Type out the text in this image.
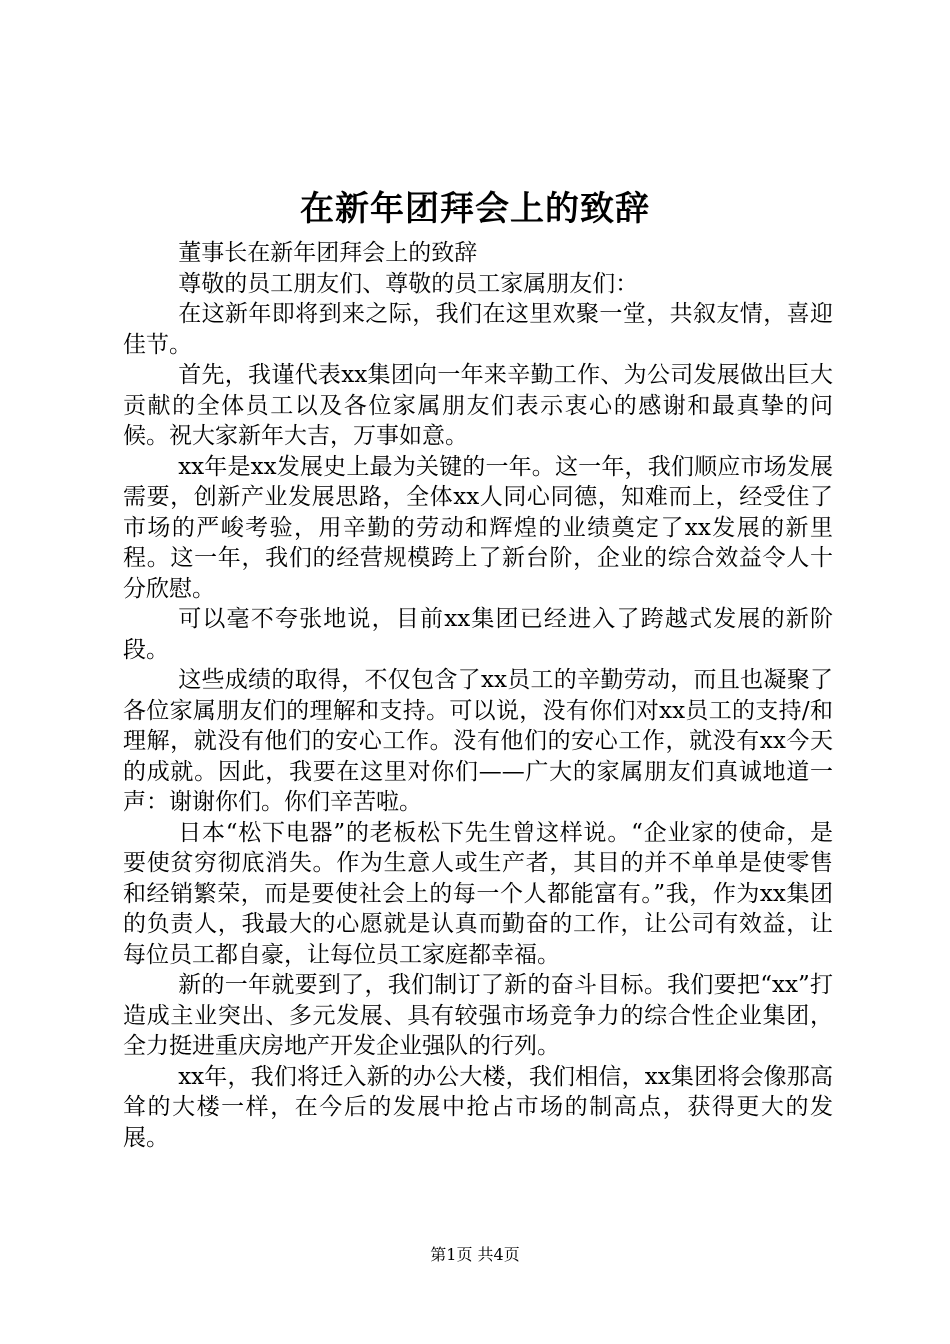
在新年团拜会上的致辞

董事长在新年团拜会上的致辞

尊敬的员工朋友们、尊敬的员工家属朋友们：

在这新年即将到来之际，我们在这里欢聚一堂，共叙友情，喜迎佳节。

首先，我谨代表xx集团向一年来辛勤工作、为公司发展做出巨大贡献的全体员工以及各位家属朋友们表示衷心的感谢和最真挚的问候。祝大家新年大吉，万事如意。

xx年是xx发展史上最为关键的一年。这一年，我们顺应市场发展需要，创新产业发展思路，全体xx人同心同德，知难而上，经受住了市场的严峻考验，用辛勤的劳动和辉煌的业绩奠定了xx发展的新里程。这一年，我们的经营规模跨上了新台阶，企业的综合效益令人十分欣慰。

可以毫不夸张地说，目前xx集团已经进入了跨越式发展的新阶段。

这些成绩的取得，不仅包含了xx员工的辛勤劳动，而且也凝聚了各位家属朋友们的理解和支持。可以说，没有你们对xx员工的支持/和理解，就没有他们的安心工作。没有他们的安心工作，就没有xx今天的成就。因此，我要在这里对你们——广大的家属朋友们真诚地道一声：谢谢你们。你们辛苦啦。

日本“松下电器”的老板松下先生曾这样说。“企业家的使命，是要使贫穷彻底消失。作为生意人或生产者，其目的并不单单是使零售和经销繁荣，而是要使社会上的每一个人都能富有。”我，作为xx集团的负责人，我最大的心愿就是认真而勤奋的工作，让公司有效益，让每位员工都自豪，让每位员工家庭都幸福。

新的一年就要到了，我们制订了新的奋斗目标。我们要把“xx”打造成主业突出、多元发展、具有较强市场竞争力的综合性企业集团，全力挺进重庆房地产开发企业强队的行列。

xx年，我们将迁入新的办公大楼，我们相信，xx集团将会像那高耸的大楼一样，在今后的发展中抢占市场的制高点，获得更大的发展。

第1页 共4页
